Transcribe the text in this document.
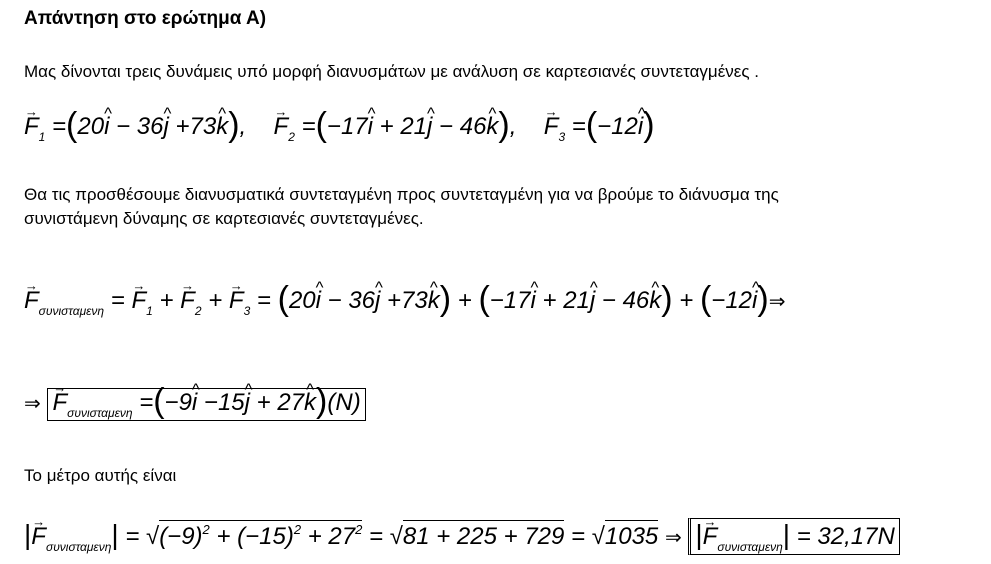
Απάντηση στο ερώτημα Α)
Μας δίνονται τρεις δυνάμεις υπό μορφή διανυσμάτων με ανάλυση σε καρτεσιανές συντεταγμένες .
→ $F_1$ =(20^ i − 36^ j +73^ k),  → $F_2$ =(−17^ i + 21^ j − 46^ k),  → $F_3$ =(−12^ i)
Θα τις προσθέσουμε διανυσματικά συντεταγμένη προς συντεταγμένη για να βρούμε το διάνυσμα της
συνιστάμενη δύναμης σε καρτεσιανές συντεταγμένες.
→ $F_{\sigma\upsilon\nu\iota\sigma\tau\alpha\mu\varepsilon\nu\eta}$ = → $F_1$ + → $F_2$ + → $F_3$ = (20^ i − 36^ j +73^ k) + (−17^ i + 21^ j − 46^ k) + (−12^ i)⇒
⇒ → $F_{\sigma\upsilon\nu\iota\sigma\tau\alpha\mu\varepsilon\nu\eta}$ =(−9^ i −15^ j + 27^ k)(N)
Το μέτρο αυτής είναι
|→ $F_{\sigma\upsilon\nu\iota\sigma\tau\alpha\mu\varepsilon\nu\eta}| = √(-9)^2 + (-15)^2 + 27^2 = √81 + 225 + 729 = √1035$ ⇒ |→ $F_{\sigma\upsilon\nu\iota\sigma\tau\alpha\mu\varepsilon\nu\eta}| = 32,17N$
